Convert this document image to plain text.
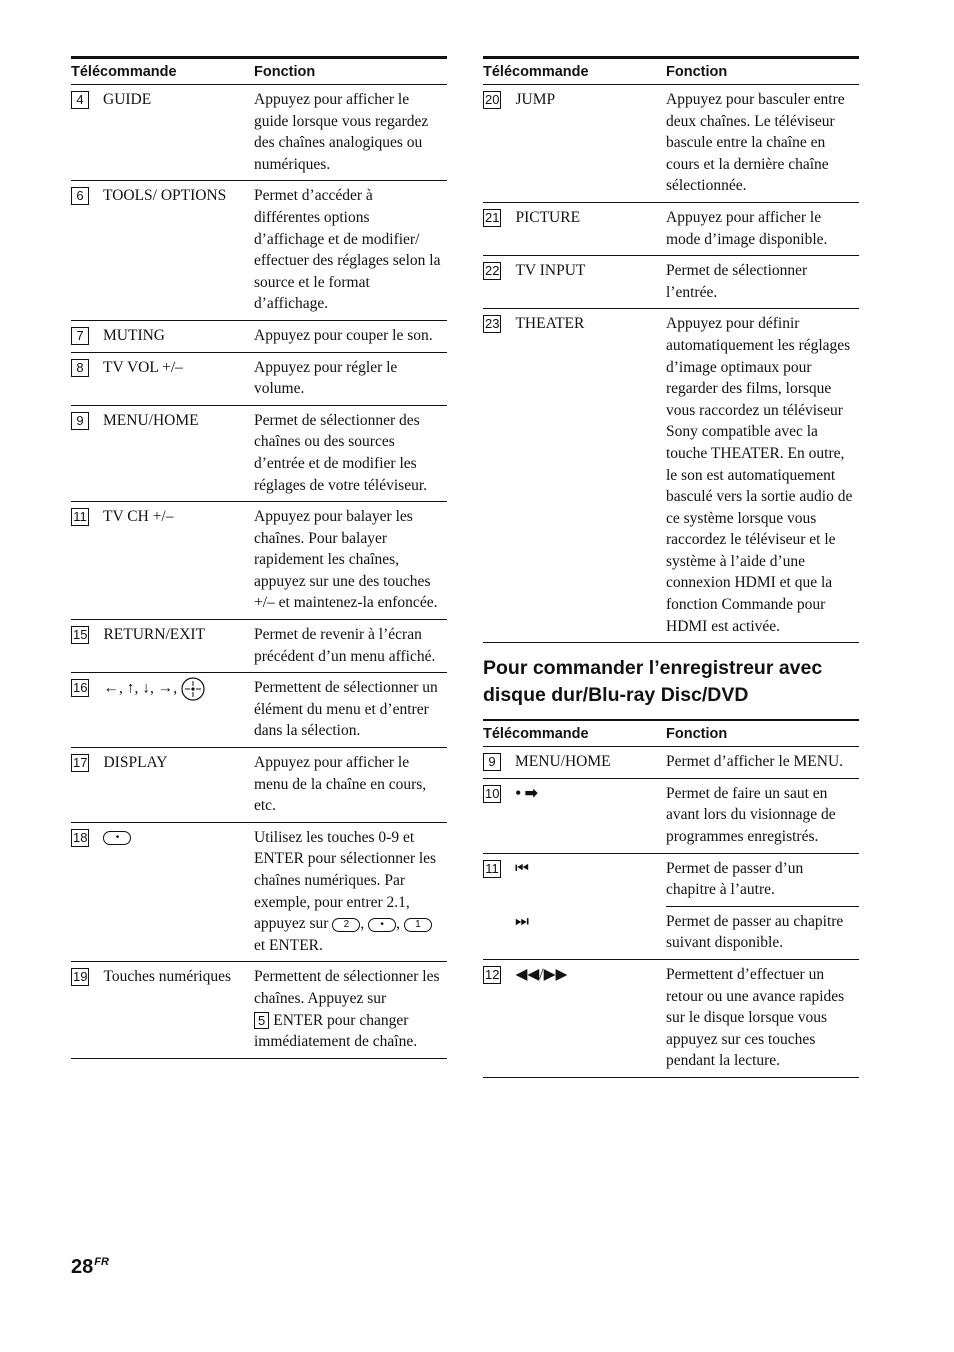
Télécommande	Fonction
4	GUIDE	Appuyez pour afficher le guide lorsque vous regardez des chaînes analogiques ou numériques.
6	TOOLS/ OPTIONS	Permet d’accéder à différentes options d’affichage et de modifier/ effectuer des réglages selon la source et le format d’affichage.
7	MUTING	Appuyez pour couper le son.
8	TV VOL +/–	Appuyez pour régler le volume.
9	MENU/HOME	Permet de sélectionner des chaînes ou des sources d’entrée et de modifier les réglages de votre téléviseur.
11 TV CH +/–	Appuyez pour balayer les chaînes. Pour balayer rapidement les chaînes, appuyez sur une des touches +/– et maintenez-la enfoncée.
15 RETURN/EXIT	Permet de revenir à l’écran précédent d’un menu affiché.
16 ←, ↑, ↓, →,	Permettent de sélectionner un élément du menu et d’entrer dans la sélection.
17 DISPLAY	Appuyez pour afficher le menu de la chaîne en cours, etc.
18	•	Utilisez les touches 0-9 et ENTER pour sélectionner les chaînes numériques. Par exemple, pour entrer 2.1, appuyez sur 2 , • , 1 et ENTER.
19 Touches numériques	Permettent de sélectionner les chaînes. Appuyez sur
5 ENTER pour changer immédiatement de chaîne.
Télécommande	Fonction
20 JUMP	Appuyez pour basculer entre deux chaînes. Le téléviseur bascule entre la chaîne en cours et la dernière chaîne sélectionnée.
21 PICTURE	Appuyez pour afficher le mode d’image disponible.
22 TV INPUT	Permet de sélectionner l’entrée.
23 THEATER	Appuyez pour définir automatiquement les réglages d’image optimaux pour regarder des films, lorsque vous raccordez un téléviseur Sony compatible avec la touche THEATER. En outre, le son est automatiquement basculé vers la sortie audio de ce système lorsque vous raccordez le téléviseur et le système à l’aide d’une connexion HDMI et que la fonction Commande pour HDMI est activée.
Pour commander l’enregistreur avec disque dur/Blu-ray Disc/DVD
Télécommande	Fonction
9	MENU/HOME	Permet d’afficher le MENU.
10 • ➡	Permet de faire un saut en avant lors du visionnage de programmes enregistrés.
11 ⏮	Permet de passer d’un chapitre à l’autre.
⏭	Permet de passer au chapitre suivant disponible.
12 ◀◀/▶▶	Permettent d’effectuer un retour ou une avance rapides sur le disque lorsque vous appuyez sur ces touches pendant la lecture.
$28^{FR}$
